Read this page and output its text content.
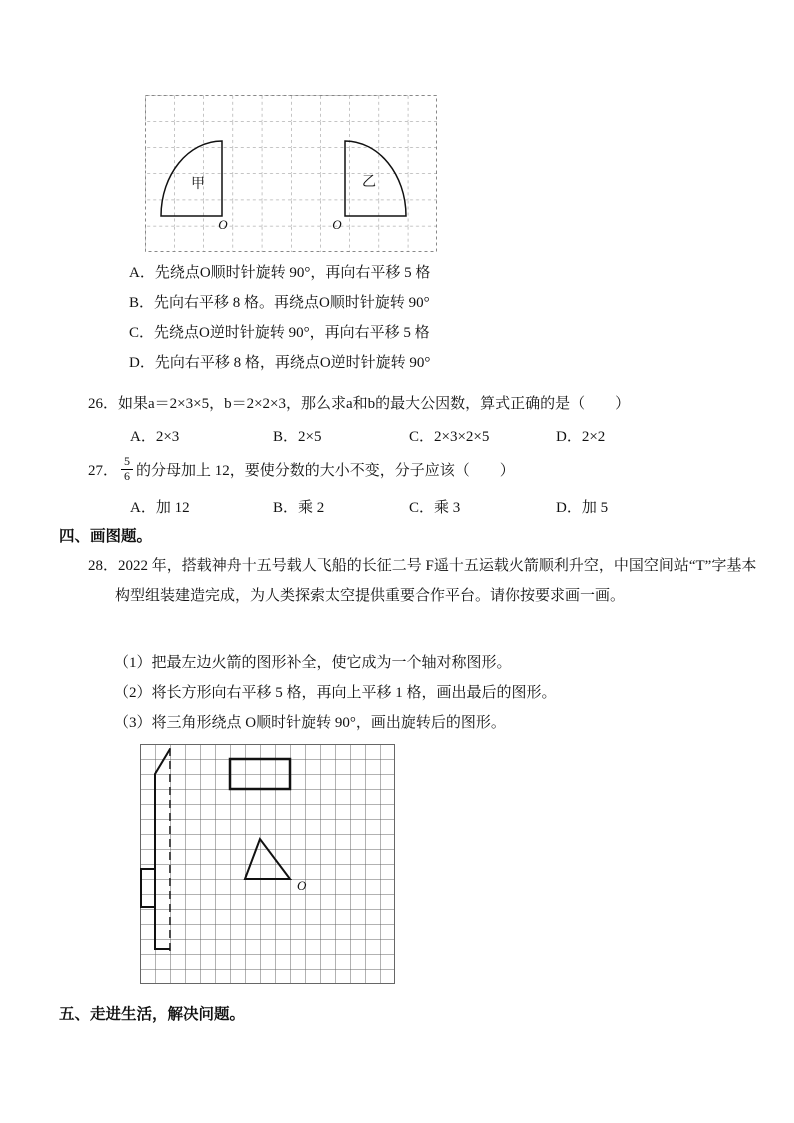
甲	乙
O	O
A．先绕点O顺时针旋转 90°，再向右平移 5 格
B．先向右平移 8 格。再绕点O顺时针旋转 90°
C．先绕点O逆时针旋转 90°，再向右平移 5 格
D．先向右平移 8 格，再绕点O逆时针旋转 90°
26．如果a＝2×3×5，b＝2×2×3，那么求a和b的最大公因数，算式正确的是（　　）
A．2×3	B．2×5	C．2×3×2×5	D．2×2
27． $\frac{5}{6}$ 的分母加上 12，要使分数的大小不变，分子应该（　　）
A．加 12	B．乘 2	C．乘 3	D．加 5
四、画图题。
28．2022 年，搭载神舟十五号载人飞船的长征二号 F遥十五运载火箭顺利升空，中国空间站“T”字基本构型组装建造完成，为人类探索太空提供重要合作平台。请你按要求画一画。
（1）把最左边火箭的图形补全，使它成为一个轴对称图形。
（2）将长方形向右平移 5 格，再向上平移 1 格，画出最后的图形。
（3）将三角形绕点 O顺时针旋转 90°，画出旋转后的图形。
O
五、走进生活，解决问题。
